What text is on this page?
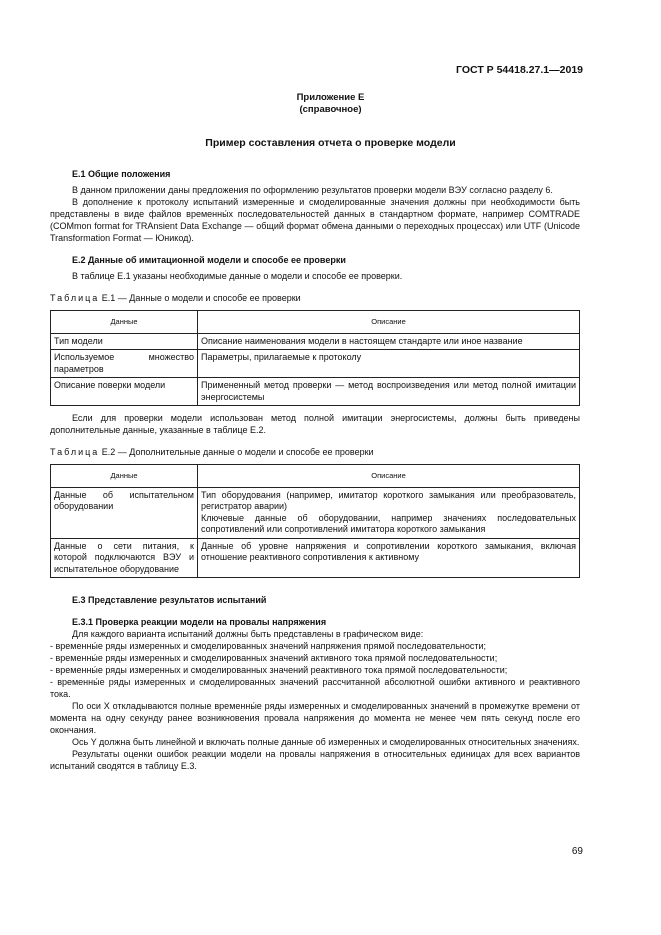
ГОСТ Р 54418.27.1—2019
Приложение Е
(справочное)
Пример составления отчета о проверке модели
Е.1 Общие положения

В данном приложении даны предложения по оформлению результатов проверки модели ВЭУ согласно разделу 6.

В дополнение к протоколу испытаний измеренные и смоделированные значения должны при необходимости быть представлены в виде файлов временны́х последовательностей данных в стандартном формате, например COMTRADE (COMmon format for TRAnsient Data Exchange — общий формат обмена данными о переходных процессах) или UTF (Unicode Transformation Format — Юникод).

Е.2 Данные об имитационной модели и способе ее проверки

В таблице Е.1 указаны необходимые данные о модели и способе ее проверки.

Таблица Е.1 — Данные о модели и способе ее проверки
Данные	Описание
Тип модели	Описание наименования модели в настоящем стандарте или иное название
Используемое множество параметров	Параметры, прилагаемые к протоколу
Описание поверки модели	Примененный метод проверки — метод воспроизведения или метод полной имитации энергосистемы

Если для проверки модели использован метод полной имитации энергосистемы, должны быть приведены дополнительные данные, указанные в таблице Е.2.

Таблица Е.2 — Дополнительные данные о модели и способе ее проверки
Данные	Описание
Данные об испытательном оборудовании	Тип оборудования (например, имитатор короткого замыкания или преобразователь, регистратор аварии)
Ключевые данные об оборудовании, например значениях последовательных сопротивлений или сопротивлений имитатора короткого замыкания

Данные о сети питания, к которой подключаются ВЭУ и испытательное оборудование	Данные об уровне напряжения и сопротивлении короткого замыкания, включая отношение реактивного сопротивления к активному
Е.3 Представление результатов испытаний
Е.3.1 Проверка реакции модели на провалы напряжения

Для каждого варианта испытаний должны быть представлены в графическом виде:

- временны́е ряды измеренных и смоделированных значений напряжения прямой последовательности;

- временны́е ряды измеренных и смоделированных значений активного тока прямой последовательности;

- временны́е ряды измеренных и смоделированных значений реактивного тока прямой последовательности;

- временны́е ряды измеренных и смоделированных значений рассчитанной абсолютной ошибки активного и реактивного тока.

По оси X откладываются полные временны́е ряды измеренных и смоделированных значений в промежутке времени от момента на одну секунду ранее возникновения провала напряжения до момента не менее чем пять секунд после его окончания.

Ось Y должна быть линейной и включать полные данные об измеренных и смоделированных относительных значениях.

Результаты оценки ошибок реакции модели на провалы напряжения в относительных единицах для всех вариантов испытаний сводятся в таблицу Е.3.

69
